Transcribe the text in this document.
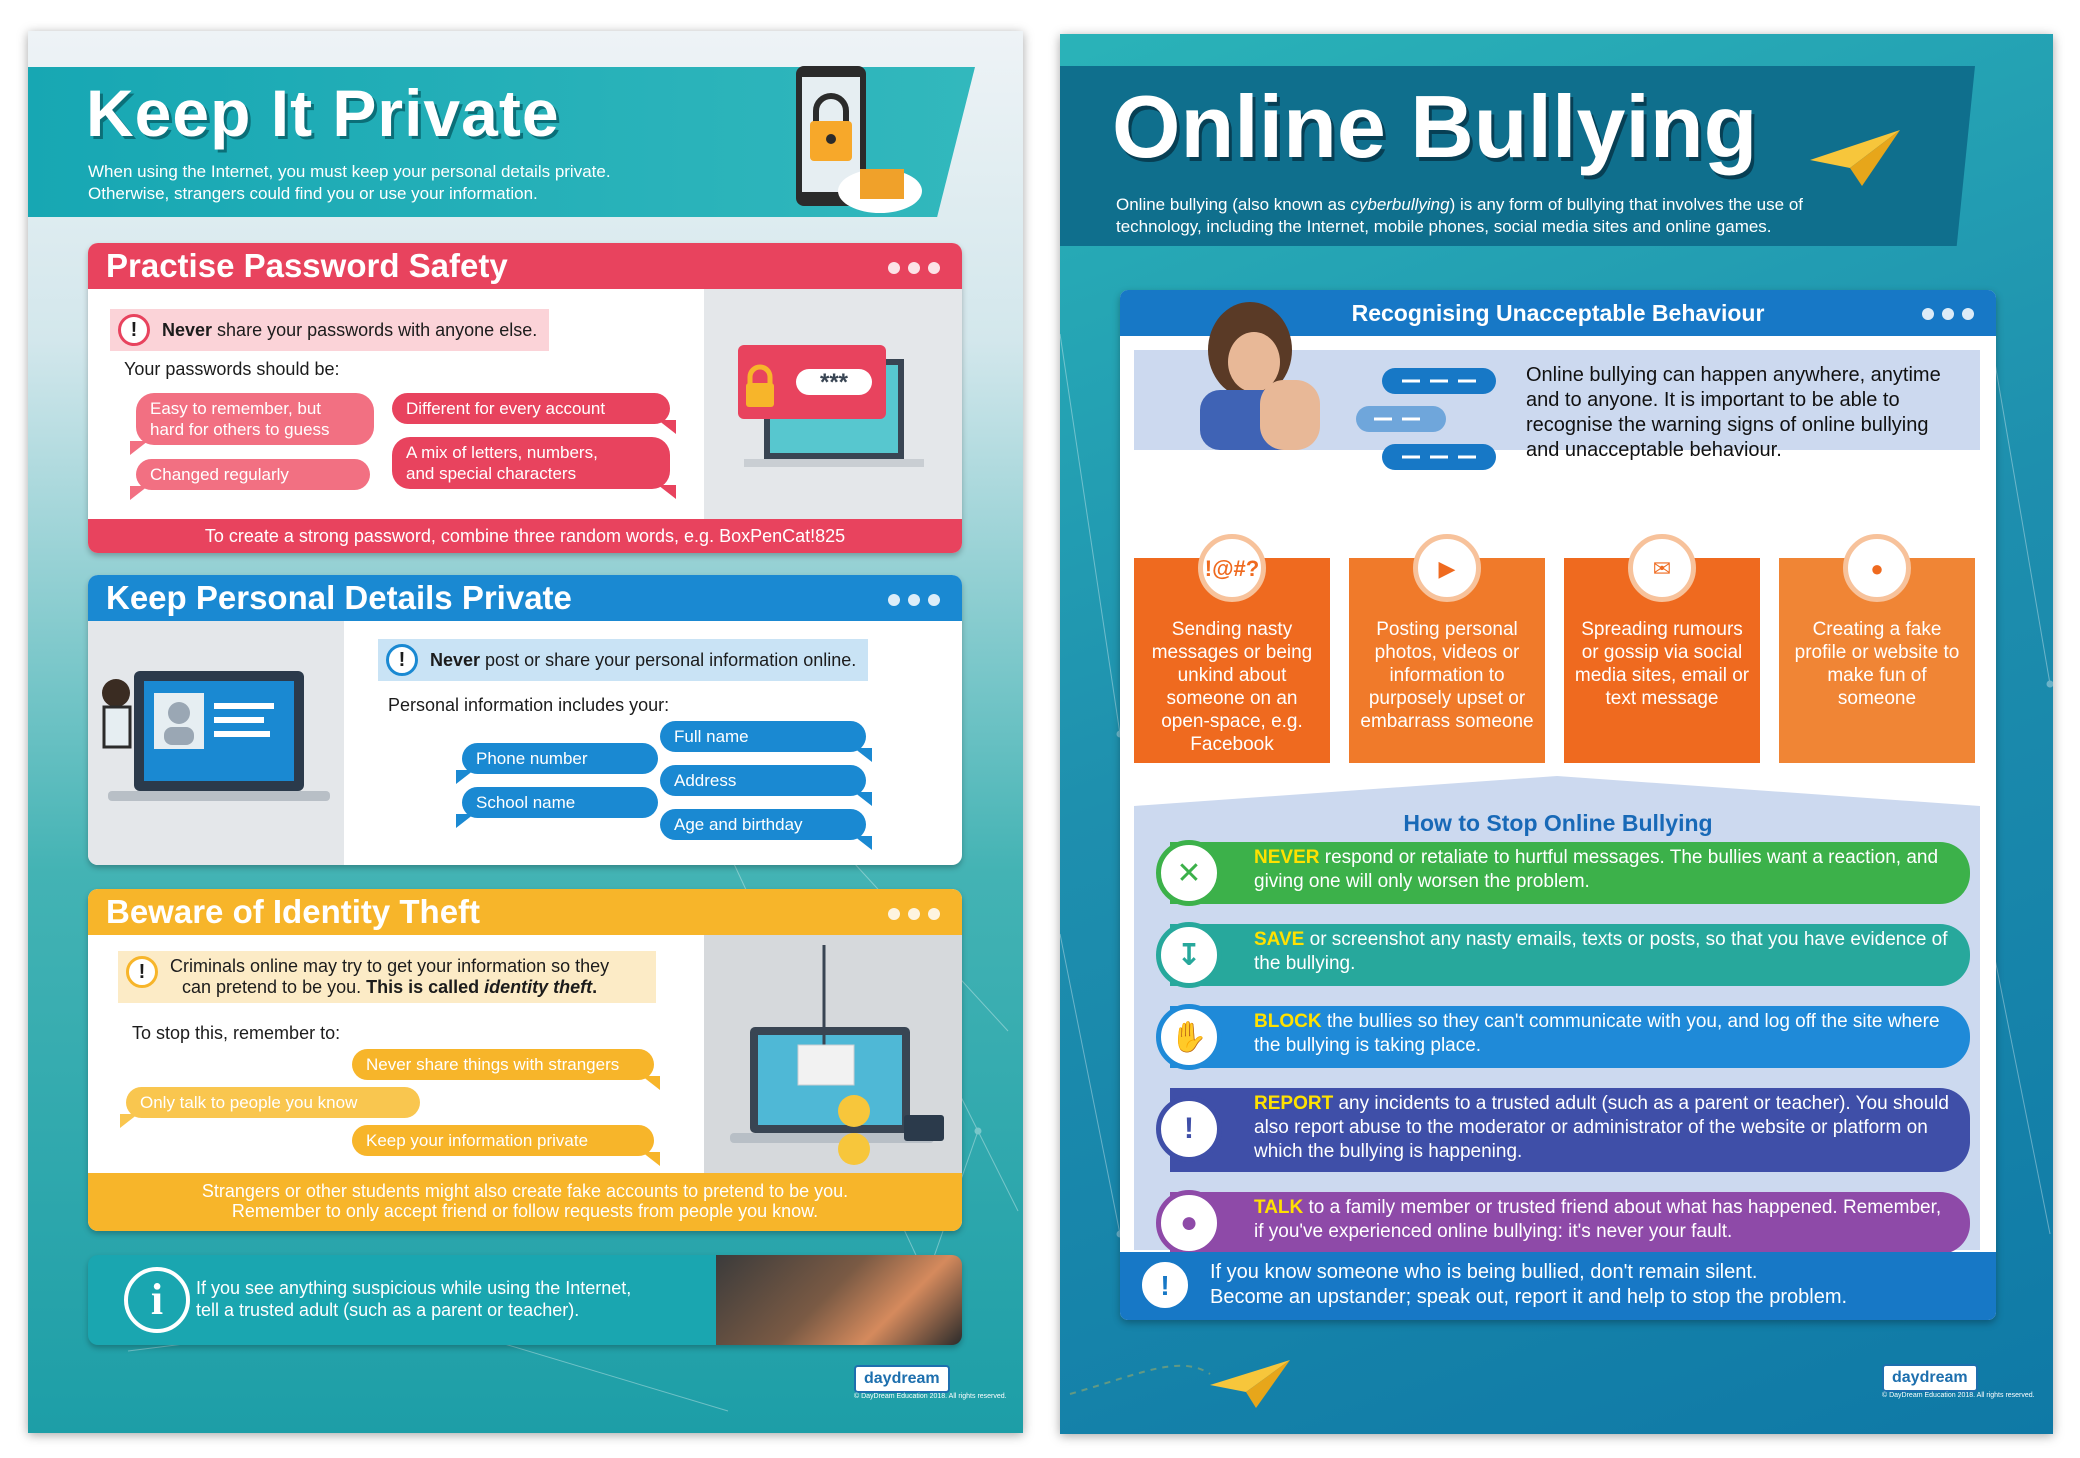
Keep It Private
When using the Internet, you must keep your personal details private.
Otherwise, strangers could find you or use your information.
Practise Password Safety
!	Never share your passwords with anyone else.
Your passwords should be:
Easy to remember, but
hard for others to guess
Different for every account
Changed regularly
A mix of letters, numbers,
and special characters
***
To create a strong password, combine three random words, e.g. BoxPenCat!825
Keep Personal Details Private
!	Never post or share your personal information online.
Personal information includes your:
Full name
Phone number
Address
School name
Age and birthday
Beware of Identity Theft
!	Criminals online may try to get your information so they
can pretend to be you. This is called identity theft.
To stop this, remember to:
Never share things with strangers
Only talk to people you know
Keep your information private
Strangers or other students might also create fake accounts to pretend to be you.
Remember to only accept friend or follow requests from people you know.
i	If you see anything suspicious while using the Internet,
tell a trusted adult (such as a parent or teacher).
daydream
© DayDream Education 2018. All rights reserved.
Online Bullying
Online bullying (also known as cyberbullying) is any form of bullying that involves the use of
technology, including the Internet, mobile phones, social media sites and online games.
Recognising Unacceptable Behaviour
Online bullying can happen anywhere, anytime and to anyone. It is important to be able to recognise the warning signs of online bullying and unacceptable behaviour.
!@#?
Sending nasty messages or being unkind about someone on an open-space, e.g. Facebook
▶
Posting personal photos, videos or information to purposely upset or embarrass someone
✉
Spreading rumours or gossip via social media sites, email or text message
●
Creating a fake profile or website to make fun of someone
How to Stop Online Bullying
NEVER respond or retaliate to hurtful messages. The bullies want a reaction, and giving one will only worsen the problem.
✕
SAVE or screenshot any nasty emails, texts or posts, so that you have evidence of the bullying.
↧
BLOCK the bullies so they can't communicate with you, and log off the site where the bullying is taking place.
✋
REPORT any incidents to a trusted adult (such as a parent or teacher). You should also report abuse to the moderator or administrator of the website or platform on which the bullying is happening.
!
TALK to a family member or trusted friend about what has happened. Remember, if you've experienced online bullying: it's never your fault.
●
!	If you know someone who is being bullied, don't remain silent.
Become an upstander; speak out, report it and help to stop the problem.
daydream
© DayDream Education 2018. All rights reserved.
